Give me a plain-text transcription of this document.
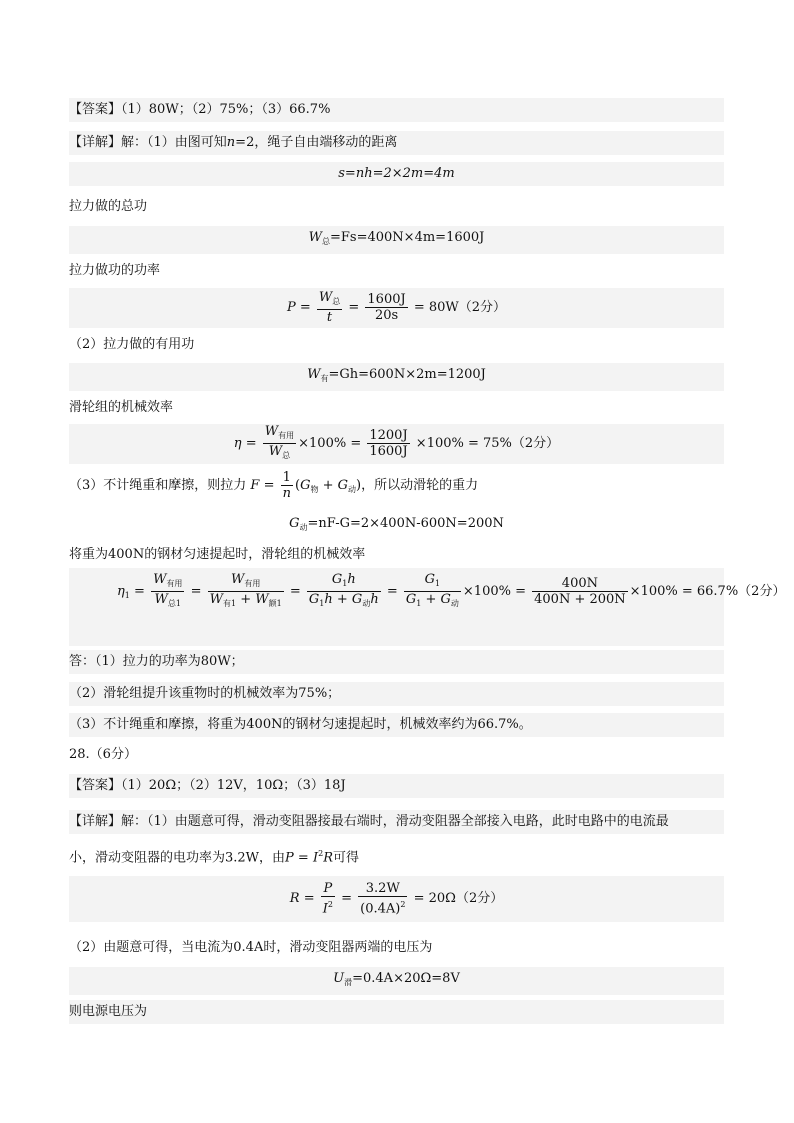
【答案】（1）80W；（2）75%；（3）66.7%
【详解】解：（1）由图可知n=2，绳子自由端移动的距离
s=nh=2×2m=4m
拉力做的总功
$W_总=Fs=400N\times 4m=1600J$
拉力做功的功率
$P = \frac{W_总}{t} = \frac{1600J}{20s} = 80W(2$分）
（2）拉力做的有用功
$W_有=Gh=600N\times 2m=1200J$
滑轮组的机械效率
$\eta = \frac{W_{有用}}{W_总} \times 100\% = \frac{1200J}{1600J} \times 100\% = 75\%(2$分）
（3）不计绳重和摩擦，则拉力 $F = \frac{1}{n} (G_物 + G_动)$，所以动滑轮的重力
$G_动=nF-G=2\times 400N-600N=200N$
将重为400N的钢材匀速提起时，滑轮组的机械效率
$\eta_1 = \frac{W_{有用}}{W_{总1}} = \frac{W_{有用}}{W_{有1} + W_{额1}} = \frac{G_1h}{G_1h + G_动h} = \frac{G_1}{G_1 + G_动} \times 100\% = \frac{400N}{400N + 200N} \times 100\% = 66.7\%(2$分）
答：（1）拉力的功率为80W；
（2）滑轮组提升该重物时的机械效率为75%；
（3）不计绳重和摩擦，将重为400N的钢材匀速提起时，机械效率约为66.7%。
28.（6分）
【答案】（1）20Ω；（2）12V，10Ω；（3）18J
【详解】解：（1）由题意可得，滑动变阻器接最右端时，滑动变阻器全部接入电路，此时电路中的电流最
小，滑动变阻器的电功率为3.2W，由$P = I^2R$可得
$R = \frac{P}{I^2} = \frac{3.2W}{(0.4A)^2} = 20\Omega(2$分）
（2）由题意可得，当电流为0.4A时，滑动变阻器两端的电压为
$U_滑=0.4A\times 20\Omega=8V$
则电源电压为
